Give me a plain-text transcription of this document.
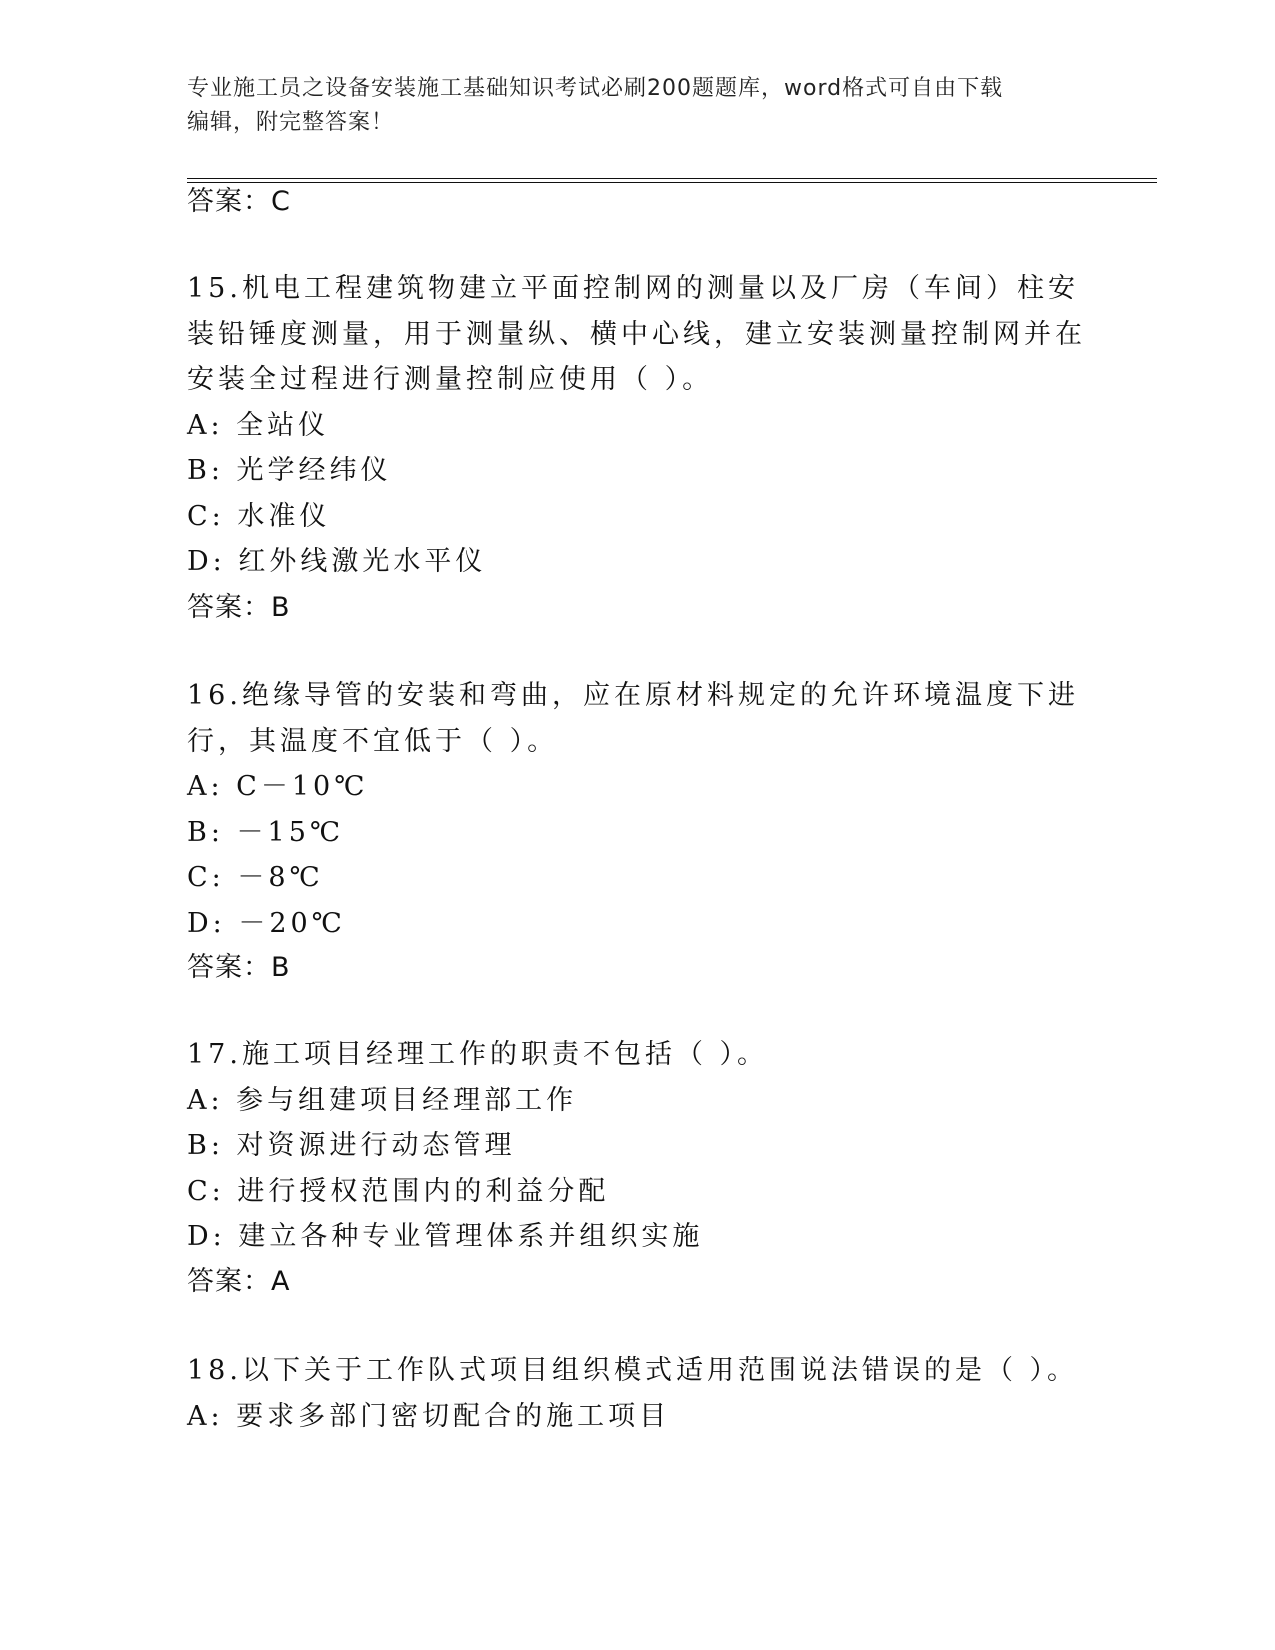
专业施工员之设备安装施工基础知识考试必刷200题题库，word格式可自由下载
编辑，附完整答案！
答案：C

15.机电工程建筑物建立平面控制网的测量以及厂房（车间）柱安装铅锤度测量，用于测量纵、横中心线，建立安装测量控制网并在安装全过程进行测量控制应使用（ ）。

A: 全站仪

B: 光学经纬仪

C: 水准仪

D: 红外线激光水平仪

答案：B

16.绝缘导管的安装和弯曲，应在原材料规定的允许环境温度下进行，其温度不宜低于（ ）。

A: C－10℃

B: －15℃

C: －8℃

D: －20℃

答案：B

17.施工项目经理工作的职责不包括（ ）。

A: 参与组建项目经理部工作

B: 对资源进行动态管理

C: 进行授权范围内的利益分配

D: 建立各种专业管理体系并组织实施

答案：A

18.以下关于工作队式项目组织模式适用范围说法错误的是（ ）。

A: 要求多部门密切配合的施工项目
